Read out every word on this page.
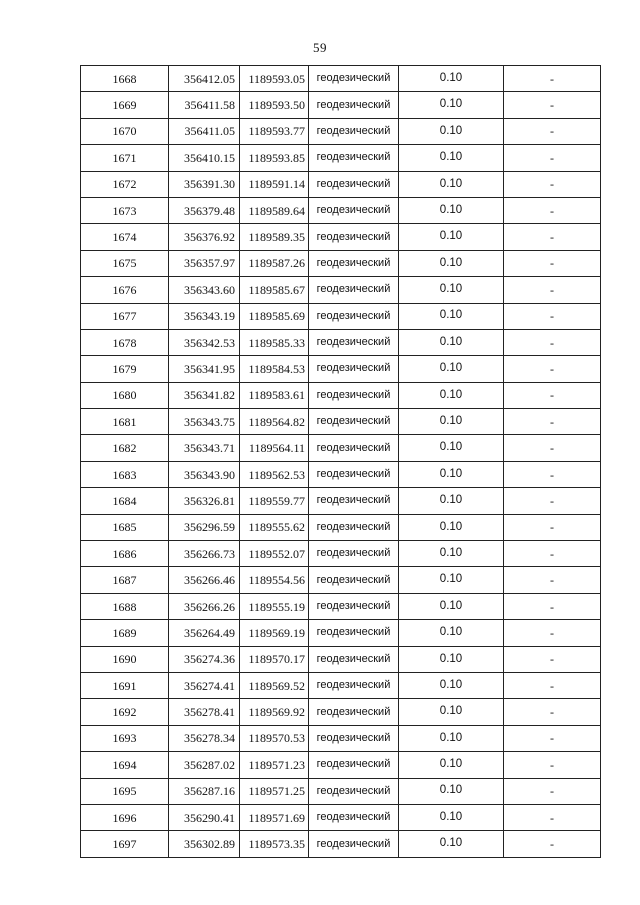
59
1668	356412.05	1189593.05	геодезический	0.10	-
1669	356411.58	1189593.50	геодезический	0.10	-
1670	356411.05	1189593.77	геодезический	0.10	-
1671	356410.15	1189593.85	геодезический	0.10	-
1672	356391.30	1189591.14	геодезический	0.10	-
1673	356379.48	1189589.64	геодезический	0.10	-
1674	356376.92	1189589.35	геодезический	0.10	-
1675	356357.97	1189587.26	геодезический	0.10	-
1676	356343.60	1189585.67	геодезический	0.10	-
1677	356343.19	1189585.69	геодезический	0.10	-
1678	356342.53	1189585.33	геодезический	0.10	-
1679	356341.95	1189584.53	геодезический	0.10	-
1680	356341.82	1189583.61	геодезический	0.10	-
1681	356343.75	1189564.82	геодезический	0.10	-
1682	356343.71	1189564.11	геодезический	0.10	-
1683	356343.90	1189562.53	геодезический	0.10	-
1684	356326.81	1189559.77	геодезический	0.10	-
1685	356296.59	1189555.62	геодезический	0.10	-
1686	356266.73	1189552.07	геодезический	0.10	-
1687	356266.46	1189554.56	геодезический	0.10	-
1688	356266.26	1189555.19	геодезический	0.10	-
1689	356264.49	1189569.19	геодезический	0.10	-
1690	356274.36	1189570.17	геодезический	0.10	-
1691	356274.41	1189569.52	геодезический	0.10	-
1692	356278.41	1189569.92	геодезический	0.10	-
1693	356278.34	1189570.53	геодезический	0.10	-
1694	356287.02	1189571.23	геодезический	0.10	-
1695	356287.16	1189571.25	геодезический	0.10	-
1696	356290.41	1189571.69	геодезический	0.10	-
1697	356302.89	1189573.35	геодезический	0.10	-
